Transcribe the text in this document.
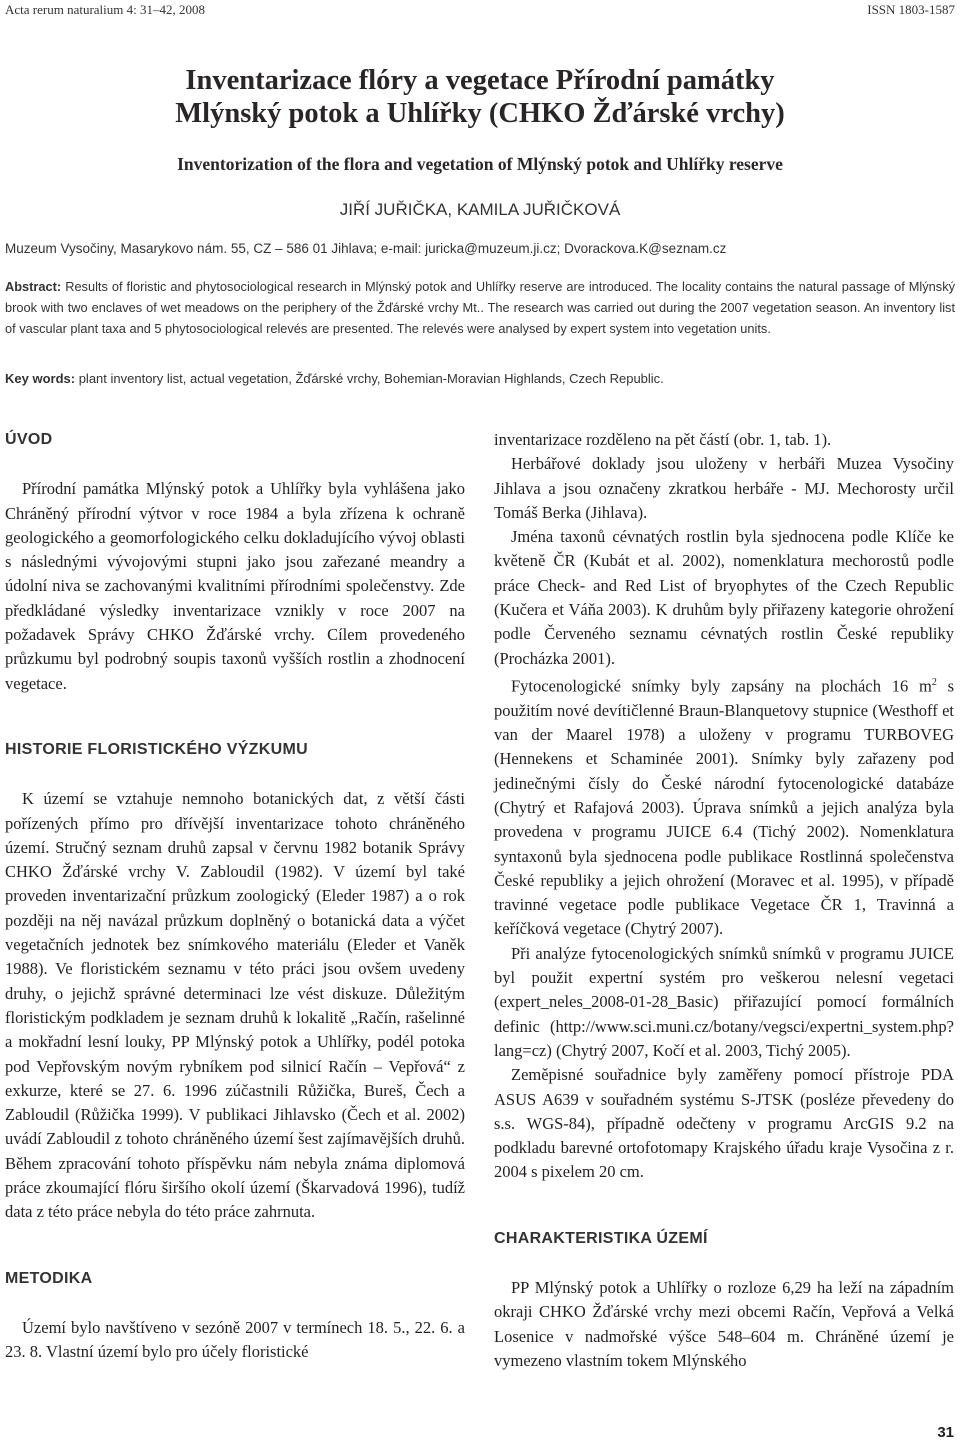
Acta rerum naturalium 4: 31–42, 2008	ISSN 1803-1587
Inventarizace flóry a vegetace Přírodní památky
Mlýnský potok a Uhlířky (CHKO Žďárské vrchy)
Inventorization of the flora and vegetation of Mlýnský potok and Uhlířky reserve
JIŘÍ JUŘIČKA, KAMILA JUŘIČKOVÁ
Muzeum Vysočiny, Masarykovo nám. 55, CZ – 586 01 Jihlava; e-mail: juricka@muzeum.ji.cz; Dvorackova.K@seznam.cz
Abstract: Results of floristic and phytosociological research in Mlýnský potok and Uhlířky reserve are introduced. The locality contains the natural passage of Mlýnský brook with two enclaves of wet meadows on the periphery of the Žďárské vrchy Mt.. The research was carried out during the 2007 vegetation season. An inventory list of vascular plant taxa and 5 phytosociological relevés are presented. The relevés were analysed by expert system into vegetation units.
Key words: plant inventory list, actual vegetation, Žďárské vrchy, Bohemian-Moravian Highlands, Czech Republic.
ÚVOD

Přírodní památka Mlýnský potok a Uhlířky byla vyhlášena jako Chráněný přírodní výtvor v roce 1984 a byla zřízena k ochraně geologického a geomorfologického celku dokladujícího vývoj oblasti s následnými vývojovými stupni jako jsou zařezané meandry a údolní niva se zachovanými kvalitními přírodními společenstvy. Zde předkládané výsledky inventarizace vznikly v roce 2007 na požadavek Správy CHKO Žďárské vrchy. Cílem provedeného průzkumu byl podrobný soupis taxonů vyšších rostlin a zhodnocení vegetace.

HISTORIE FLORISTICKÉHO VÝZKUMU

K území se vztahuje nemnoho botanických dat, z větší části pořízených přímo pro dřívější inventarizace tohoto chráněného území. Stručný seznam druhů zapsal v červnu 1982 botanik Správy CHKO Žďárské vrchy V. Zabloudil (1982). V území byl také proveden inventarizační průzkum zoologický (Eleder 1987) a o rok později na něj navázal průzkum doplněný o botanická data a výčet vegetačních jednotek bez snímkového materiálu (Eleder et Vaněk 1988). Ve floristickém seznamu v této práci jsou ovšem uvedeny druhy, o jejichž správné determinaci lze vést diskuze. Důležitým floristickým podkladem je seznam druhů k lokalitě „Račín, rašelinné a mokřadní lesní louky, PP Mlýnský potok a Uhlířky, podél potoka pod Vepřovským novým rybníkem pod silnicí Račín – Vepřová“ z exkurze, které se 27. 6. 1996 zúčastnili Růžička, Bureš, Čech a Zabloudil (Růžička 1999). V publikaci Jihlavsko (Čech et al. 2002) uvádí Zabloudil z tohoto chráněného území šest zajímavějších druhů. Během zpracování tohoto příspěvku nám nebyla známa diplomová práce zkoumající flóru širšího okolí území (Škarvadová 1996), tudíž data z této práce nebyla do této práce zahrnuta.

METODIKA

Území bylo navštíveno v sezóně 2007 v termínech 18. 5., 22. 6. a 23. 8. Vlastní území bylo pro účely floristické

inventarizace rozděleno na pět částí (obr. 1, tab. 1).

Herbářové doklady jsou uloženy v herbáři Muzea Vysočiny Jihlava a jsou označeny zkratkou herbáře - MJ. Mechorosty určil Tomáš Berka (Jihlava).

Jména taxonů cévnatých rostlin byla sjednocena podle Klíče ke květeně ČR (Kubát et al. 2002), nomenklatura mechorostů podle práce Check- and Red List of bryophytes of the Czech Republic (Kučera et Váňa 2003). K druhům byly přiřazeny kategorie ohrožení podle Červeného seznamu cévnatých rostlin České republiky (Procházka 2001).

Fytocenologické snímky byly zapsány na plochách 16 $m^2$ s použitím nové devítičlenné Braun-Blanquetovy stupnice (Westhoff et van der Maarel 1978) a uloženy v programu TURBOVEG (Hennekens et Schaminée 2001). Snímky byly zařazeny pod jedinečnými čísly do České národní fytocenologické databáze (Chytrý et Rafajová 2003). Úprava snímků a jejich analýza byla provedena v programu JUICE 6.4 (Tichý 2002). Nomenklatura syntaxonů byla sjednocena podle publikace Rostlinná společenstva České republiky a jejich ohrožení (Moravec et al. 1995), v případě travinné vegetace podle publikace Vegetace ČR 1, Travinná a keříčková vegetace (Chytrý 2007).

Při analýze fytocenologických snímků snímků v programu JUICE byl použit expertní systém pro veškerou nelesní vegetaci (expert_neles_2008-01-28_Basic) přiřazující pomocí formálních definic (http://www.sci.muni.cz/botany/vegsci/expertni_system.php?lang=cz) (Chytrý 2007, Kočí et al. 2003, Tichý 2005).

Zeměpisné souřadnice byly zaměřeny pomocí přístroje PDA ASUS A639 v souřadném systému S-JTSK (posléze převedeny do s.s. WGS-84), případně odečteny v programu ArcGIS 9.2 na podkladu barevné ortofotomapy Krajského úřadu kraje Vysočina z r. 2004 s pixelem 20 cm.

CHARAKTERISTIKA ÚZEMÍ

PP Mlýnský potok a Uhlířky o rozloze 6,29 ha leží na západním okraji CHKO Žďárské vrchy mezi obcemi Račín, Vepřová a Velká Losenice v nadmořské výšce 548–604 m. Chráněné území je vymezeno vlastním tokem Mlýnského

31
